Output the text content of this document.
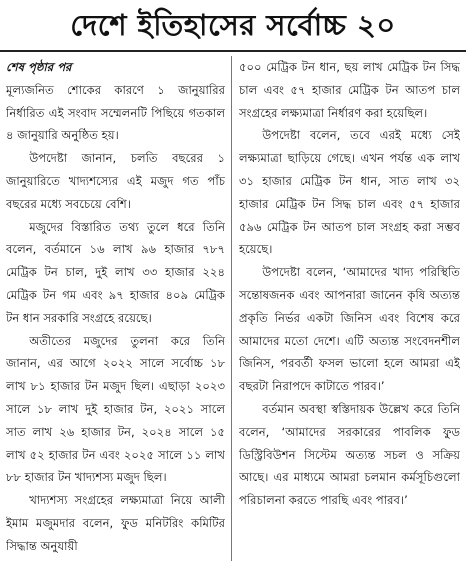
দেশে ইতিহাসের সর্বোচ্চ ২০
শেষ পৃষ্ঠার পর

মূল্যজনিত শোকের কারণে ১ জানুয়ারির নির্ধারিত এই সংবাদ সম্মেলনটি পিছিয়ে গতকাল ৪ জানুয়ারি অনুষ্ঠিত হয়।

উপদেষ্টা জানান, চলতি বছরের ১ জানুয়ারিতে খাদ্যশস্যের এই মজুদ গত পাঁচ বছরের মধ্যে সবচেয়ে বেশি।

মজুদের বিস্তারিত তথ্য তুলে ধরে তিনি বলেন, বর্তমানে ১৬ লাখ ৯৬ হাজার ৭৮৭ মেট্রিক টন চাল, দুই লাখ ৩৩ হাজার ২২৪ মেট্রিক টন গম এবং ৯৭ হাজার ৪০৯ মেট্রিক টন ধান সরকারি সংগ্রহে রয়েছে।

অতীতের মজুদের তুলনা করে তিনি জানান, এর আগে ২০২২ সালে সর্বোচ্চ ১৮ লাখ ৮১ হাজার টন মজুদ ছিল। এছাড়া ২০২৩ সালে ১৮ লাখ দুই হাজার টন, ২০২১ সালে সাত লাখ ২৬ হাজার টন, ২০২৪ সালে ১৫ লাখ ৫২ হাজার টন এবং ২০২৫ সালে ১১ লাখ ৮৮ হাজার টন খাদ্যশস্য মজুদ ছিল।

খাদ্যশস্য সংগ্রহের লক্ষ্যমাত্রা নিয়ে আলী ইমাম মজুমদার বলেন, ফুড মনিটরিং কমিটির সিদ্ধান্ত অনুযায়ী

৫০০ মেট্রিক টন ধান, ছয় লাখ মেট্রিক টন সিদ্ধ চাল এবং ৫৭ হাজার মেট্রিক টন আতপ চাল সংগ্রহের লক্ষ্যমাত্রা নির্ধারণ করা হয়েছিল।

উপদেষ্টা বলেন, তবে এরই মধ্যে সেই লক্ষ্যমাত্রা ছাড়িয়ে গেছে। এখন পর্যন্ত এক লাখ ৩১ হাজার মেট্রিক টন ধান, সাত লাখ ৩২ হাজার মেট্রিক টন সিদ্ধ চাল এবং ৫৭ হাজার ৫৯৬ মেট্রিক টন আতপ চাল সংগ্রহ করা সম্ভব হয়েছে।

উপদেষ্টা বলেন, ‘আমাদের খাদ্য পরিস্থিতি সন্তোষজনক এবং আপনারা জানেন কৃষি অত্যন্ত প্রকৃতি নির্ভর একটা জিনিস এবং বিশেষ করে আমাদের মতো দেশে। এটি অত্যন্ত সংবেদনশীল জিনিস, পরবর্তী ফসল ভালো হলে আমরা এই বছরটা নিরাপদে কাটাতে পারব।’

বর্তমান অবস্থা স্বস্তিদায়ক উল্লেখ করে তিনি বলেন, ‘আমাদের সরকারের পাবলিক ফুড ডিস্ট্রিবিউশন সিস্টেম অত্যন্ত সচল ও সক্রিয় আছে। এর মাধ্যমে আমরা চলমান কর্মসূচিগুলো পরিচালনা করতে পারছি এবং পারব।’
